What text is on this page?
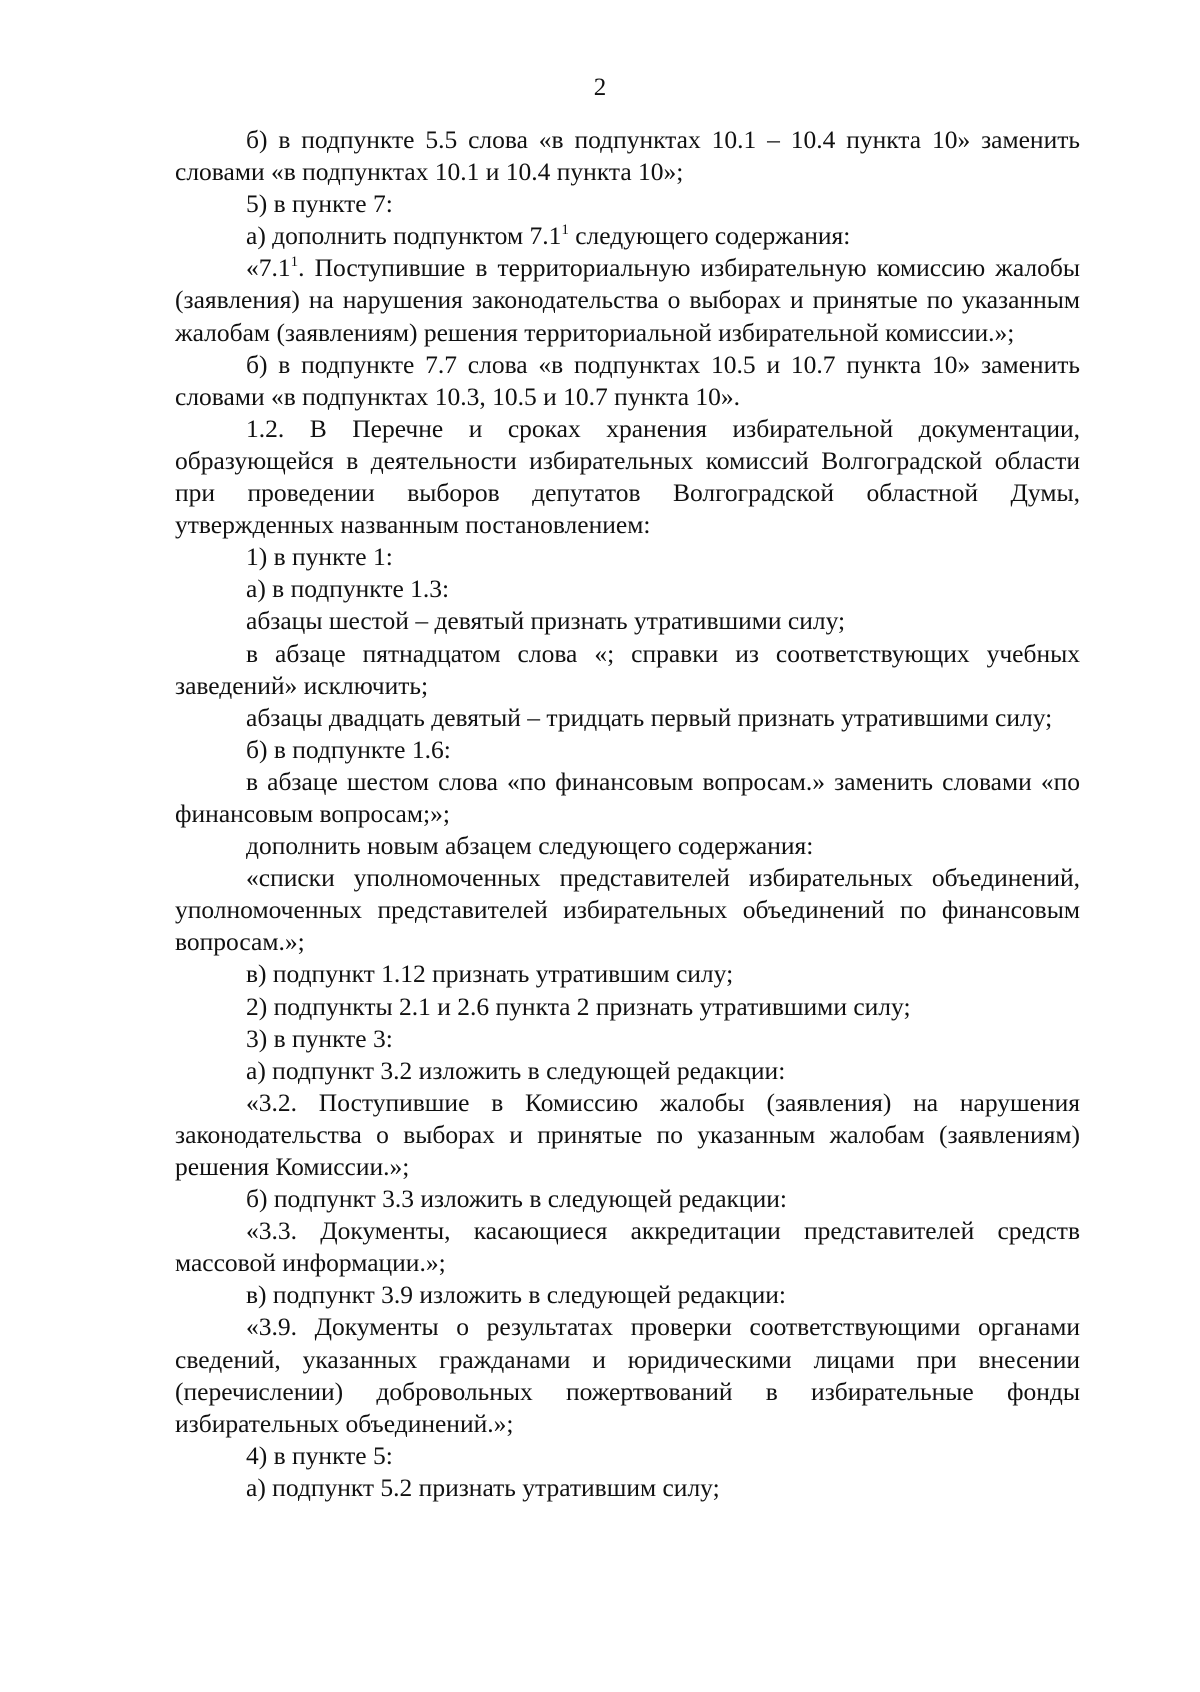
2

б) в подпункте 5.5 слова «в подпунктах 10.1 – 10.4 пункта 10» заменить словами «в подпунктах 10.1 и 10.4 пункта 10»;

5) в пункте 7:

а) дополнить подпунктом $7.1^1$ следующего содержания:

«$7.1^1$. Поступившие в территориальную избирательную комиссию жалобы (заявления) на нарушения законодательства о выборах и принятые по указанным жалобам (заявлениям) решения территориальной избирательной комиссии.»;

б) в подпункте 7.7 слова «в подпунктах 10.5 и 10.7 пункта 10» заменить словами «в подпунктах 10.3, 10.5 и 10.7 пункта 10».

1.2. В Перечне и сроках хранения избирательной документации, образующейся в деятельности избирательных комиссий Волгоградской области при проведении выборов депутатов Волгоградской областной Думы, утвержденных названным постановлением:

1) в пункте 1:

а) в подпункте 1.3:

абзацы шестой – девятый признать утратившими силу;

в абзаце пятнадцатом слова «; справки из соответствующих учебных заведений» исключить;

абзацы двадцать девятый – тридцать первый признать утратившими силу;

б) в подпункте 1.6:

в абзаце шестом слова «по финансовым вопросам.» заменить словами «по финансовым вопросам;»;

дополнить новым абзацем следующего содержания:

«списки уполномоченных представителей избирательных объединений, уполномоченных представителей избирательных объединений по финансовым вопросам.»;

в) подпункт 1.12 признать утратившим силу;

2) подпункты 2.1 и 2.6 пункта 2 признать утратившими силу;

3) в пункте 3:

а) подпункт 3.2 изложить в следующей редакции:

«3.2. Поступившие в Комиссию жалобы (заявления) на нарушения законодательства о выборах и принятые по указанным жалобам (заявлениям) решения Комиссии.»;

б) подпункт 3.3 изложить в следующей редакции:

«3.3. Документы, касающиеся аккредитации представителей средств массовой информации.»;

в) подпункт 3.9 изложить в следующей редакции:

«3.9. Документы о результатах проверки соответствующими органами сведений, указанных гражданами и юридическими лицами при внесении (перечислении) добровольных пожертвований в избирательные фонды избирательных объединений.»;

4) в пункте 5:

а) подпункт 5.2 признать утратившим силу;
